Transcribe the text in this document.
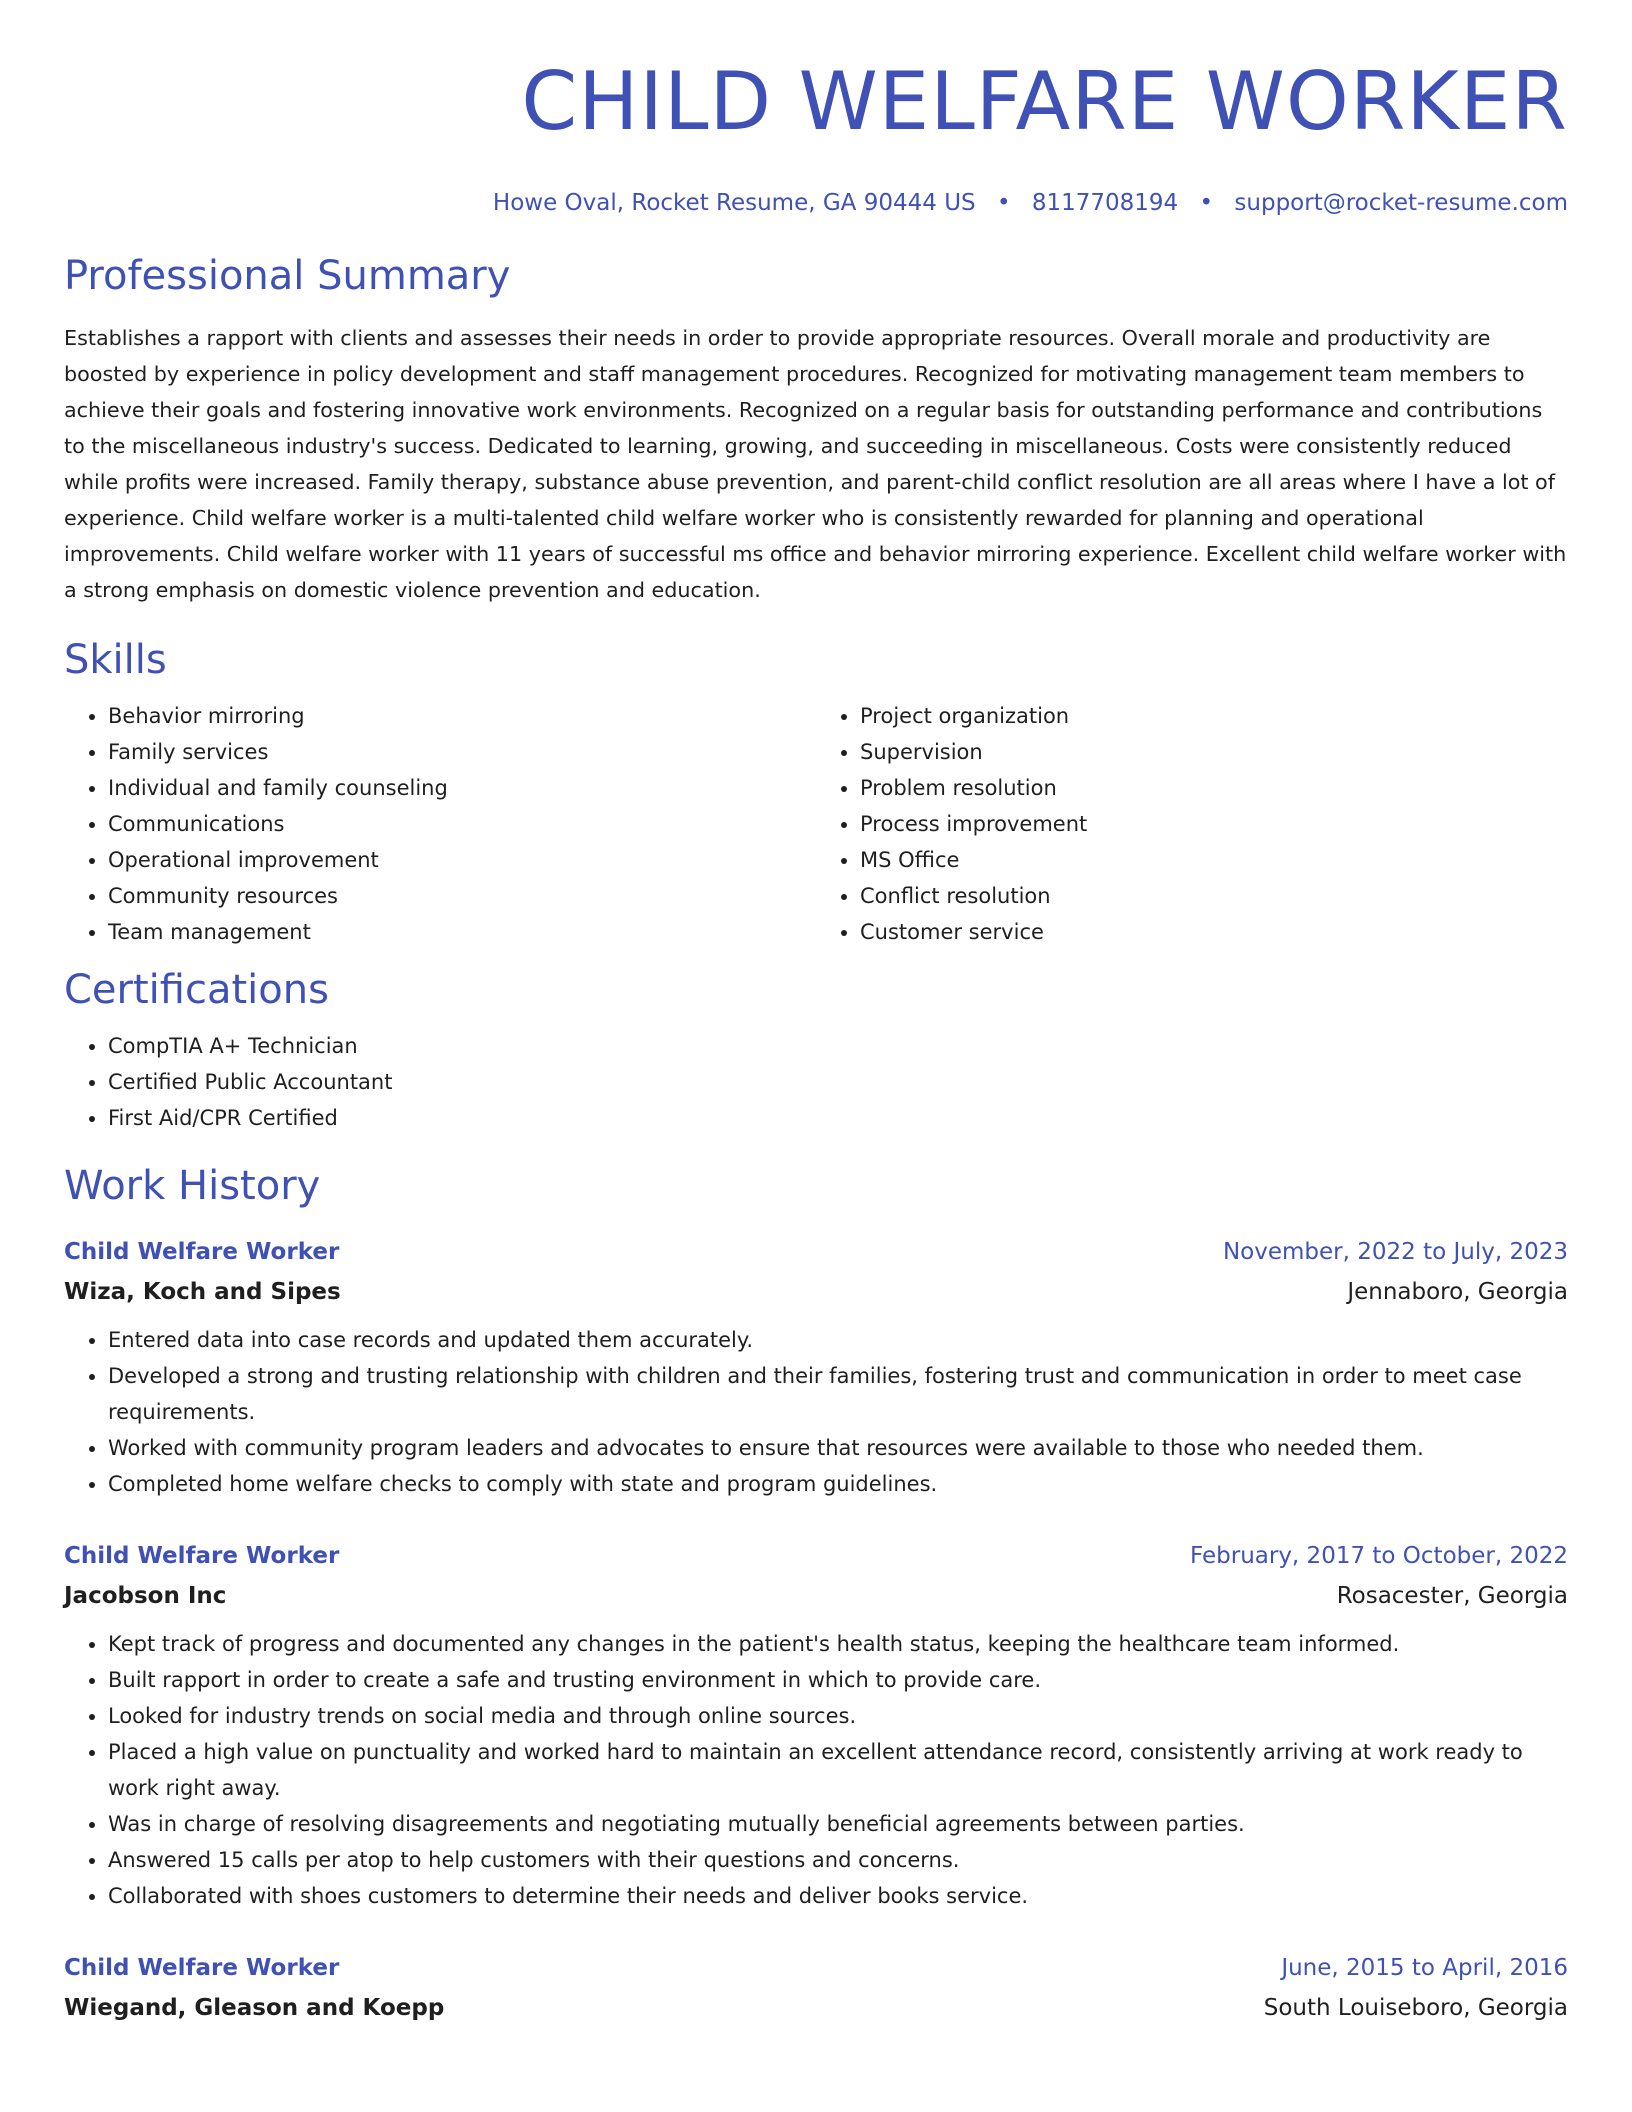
CHILD WELFARE WORKER
Howe Oval, Rocket Resume, GA 90444 US • 8117708194 • support@rocket-resume.com
Professional Summary

Establishes a rapport with clients and assesses their needs in order to provide appropriate resources. Overall morale and productivity are boosted by experience in policy development and staff management procedures. Recognized for motivating management team members to achieve their goals and fostering innovative work environments. Recognized on a regular basis for outstanding performance and contributions to the miscellaneous industry's success. Dedicated to learning, growing, and succeeding in miscellaneous. Costs were consistently reduced while profits were increased. Family therapy, substance abuse prevention, and parent-child conflict resolution are all areas where I have a lot of experience. Child welfare worker is a multi-talented child welfare worker who is consistently rewarded for planning and operational improvements. Child welfare worker with 11 years of successful ms office and behavior mirroring experience. Excellent child welfare worker with a strong emphasis on domestic violence prevention and education.

Skills
• Behavior mirroring
• Family services
• Individual and family counseling
• Communications
• Operational improvement
• Community resources
• Team management
• Project organization
• Supervision
• Problem resolution
• Process improvement
• MS Office
• Conflict resolution
• Customer service
Certifications
• CompTIA A+ Technician
• Certified Public Accountant
• First Aid/CPR Certified
Work History
Child Welfare Worker	November, 2022 to July, 2023
Wiza, Koch and Sipes	Jennaboro, Georgia
• Entered data into case records and updated them accurately.
• Developed a strong and trusting relationship with children and their families, fostering trust and communication in order to meet case requirements.
• Worked with community program leaders and advocates to ensure that resources were available to those who needed them.
• Completed home welfare checks to comply with state and program guidelines.
Child Welfare Worker	February, 2017 to October, 2022
Jacobson Inc	Rosacester, Georgia
• Kept track of progress and documented any changes in the patient's health status, keeping the healthcare team informed.
• Built rapport in order to create a safe and trusting environment in which to provide care.
• Looked for industry trends on social media and through online sources.
• Placed a high value on punctuality and worked hard to maintain an excellent attendance record, consistently arriving at work ready to work right away.
• Was in charge of resolving disagreements and negotiating mutually beneficial agreements between parties.
• Answered 15 calls per atop to help customers with their questions and concerns.
• Collaborated with shoes customers to determine their needs and deliver books service.
Child Welfare Worker	June, 2015 to April, 2016
Wiegand, Gleason and Koepp	South Louiseboro, Georgia
